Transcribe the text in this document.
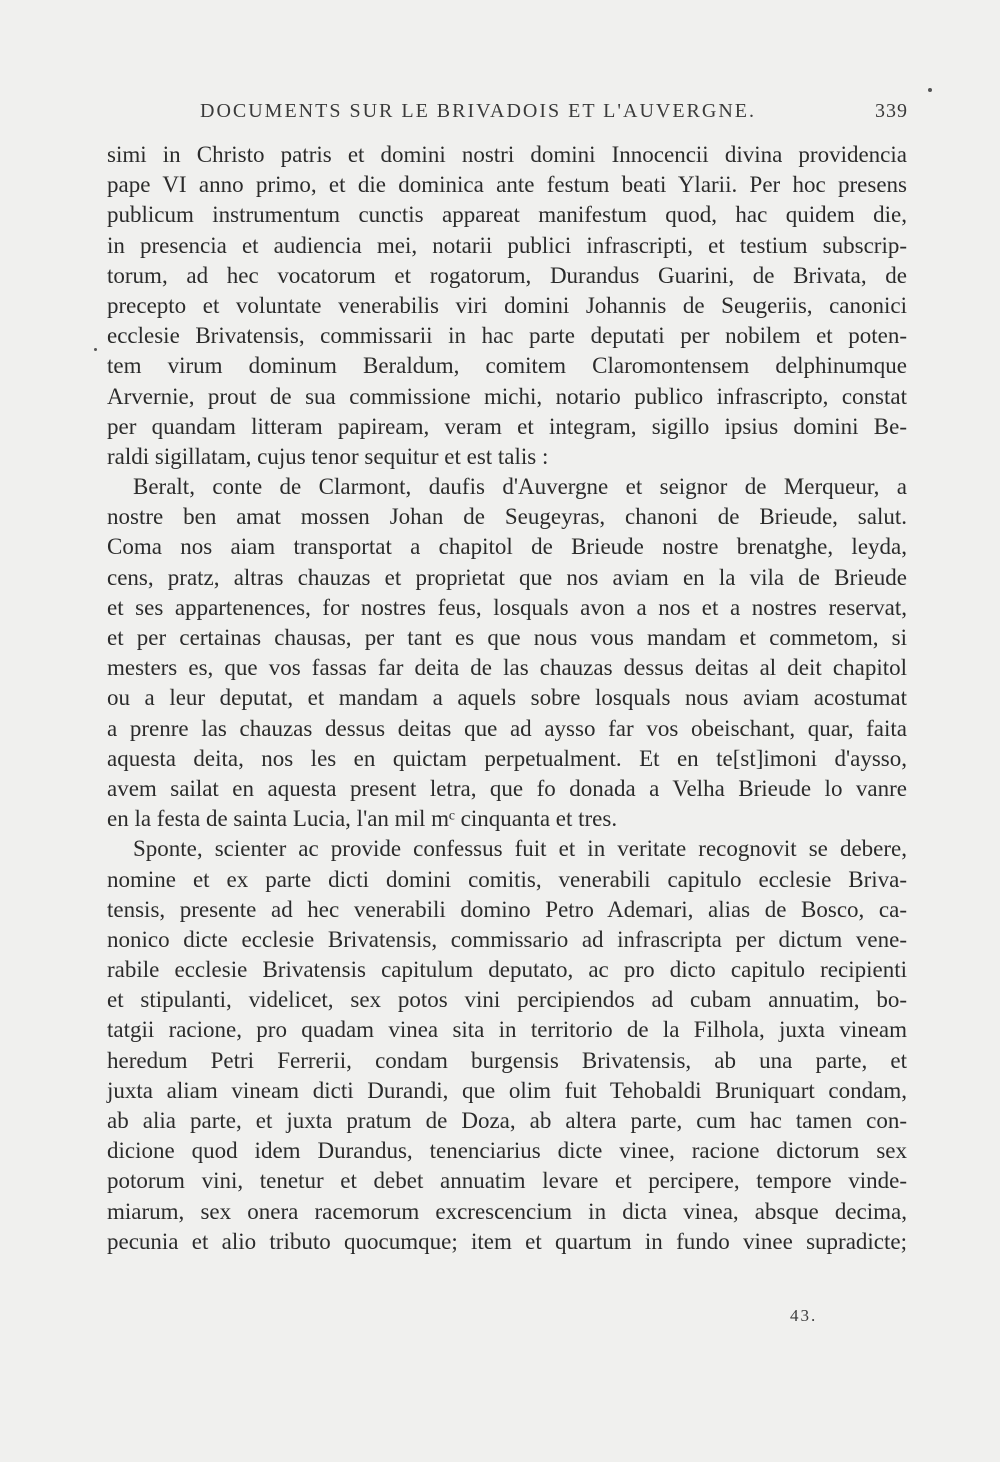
DOCUMENTS SUR LE BRIVADOIS ET L'AUVERGNE.	339
simi in Christo patris et domini nostri domini Innocencii divina providencia
pape VI anno primo, et die dominica ante festum beati Ylarii. Per hoc presens
publicum instrumentum cunctis appareat manifestum quod, hac quidem die,
in presencia et audiencia mei, notarii publici infrascripti, et testium subscrip-
torum, ad hec vocatorum et rogatorum, Durandus Guarini, de Brivata, de
precepto et voluntate venerabilis viri domini Johannis de Seugeriis, canonici
ecclesie Brivatensis, commissarii in hac parte deputati per nobilem et poten-
tem virum dominum Beraldum, comitem Claromontensem delphinumque
Arvernie, prout de sua commissione michi, notario publico infrascripto, constat
per quandam litteram papiream, veram et integram, sigillo ipsius domini Be-
raldi sigillatam, cujus tenor sequitur et est talis :
Beralt, conte de Clarmont, daufis d'Auvergne et seignor de Merqueur, a
nostre ben amat mossen Johan de Seugeyras, chanoni de Brieude, salut.
Coma nos aiam transportat a chapitol de Brieude nostre brenatghe, leyda,
cens, pratz, altras chauzas et proprietat que nos aviam en la vila de Brieude
et ses appartenences, for nostres feus, losquals avon a nos et a nostres reservat,
et per certainas chausas, per tant es que nous vous mandam et commetom, si
mesters es, que vos fassas far deita de las chauzas dessus deitas al deit chapitol
ou a leur deputat, et mandam a aquels sobre losquals nous aviam acostumat
a prenre las chauzas dessus deitas que ad aysso far vos obeischant, quar, faita
aquesta deita, nos les en quictam perpetualment. Et en te[st]imoni d'aysso,
avem sailat en aquesta present letra, que fo donada a Velha Brieude lo vanre
en la festa de sainta Lucia, l'an mil mᶜ cinquanta et tres.
Sponte, scienter ac provide confessus fuit et in veritate recognovit se debere,
nomine et ex parte dicti domini comitis, venerabili capitulo ecclesie Briva-
tensis, presente ad hec venerabili domino Petro Ademari, alias de Bosco, ca-
nonico dicte ecclesie Brivatensis, commissario ad infrascripta per dictum vene-
rabile ecclesie Brivatensis capitulum deputato, ac pro dicto capitulo recipienti
et stipulanti, videlicet, sex potos vini percipiendos ad cubam annuatim, bo-
tatgii racione, pro quadam vinea sita in territorio de la Filhola, juxta vineam
heredum Petri Ferrerii, condam burgensis Brivatensis, ab una parte, et
juxta aliam vineam dicti Durandi, que olim fuit Tehobaldi Bruniquart condam,
ab alia parte, et juxta pratum de Doza, ab altera parte, cum hac tamen con-
dicione quod idem Durandus, tenenciarius dicte vinee, racione dictorum sex
potorum vini, tenetur et debet annuatim levare et percipere, tempore vinde-
miarum, sex onera racemorum excrescencium in dicta vinea, absque decima,
pecunia et alio tributo quocumque; item et quartum in fundo vinee supradicte;
43.
